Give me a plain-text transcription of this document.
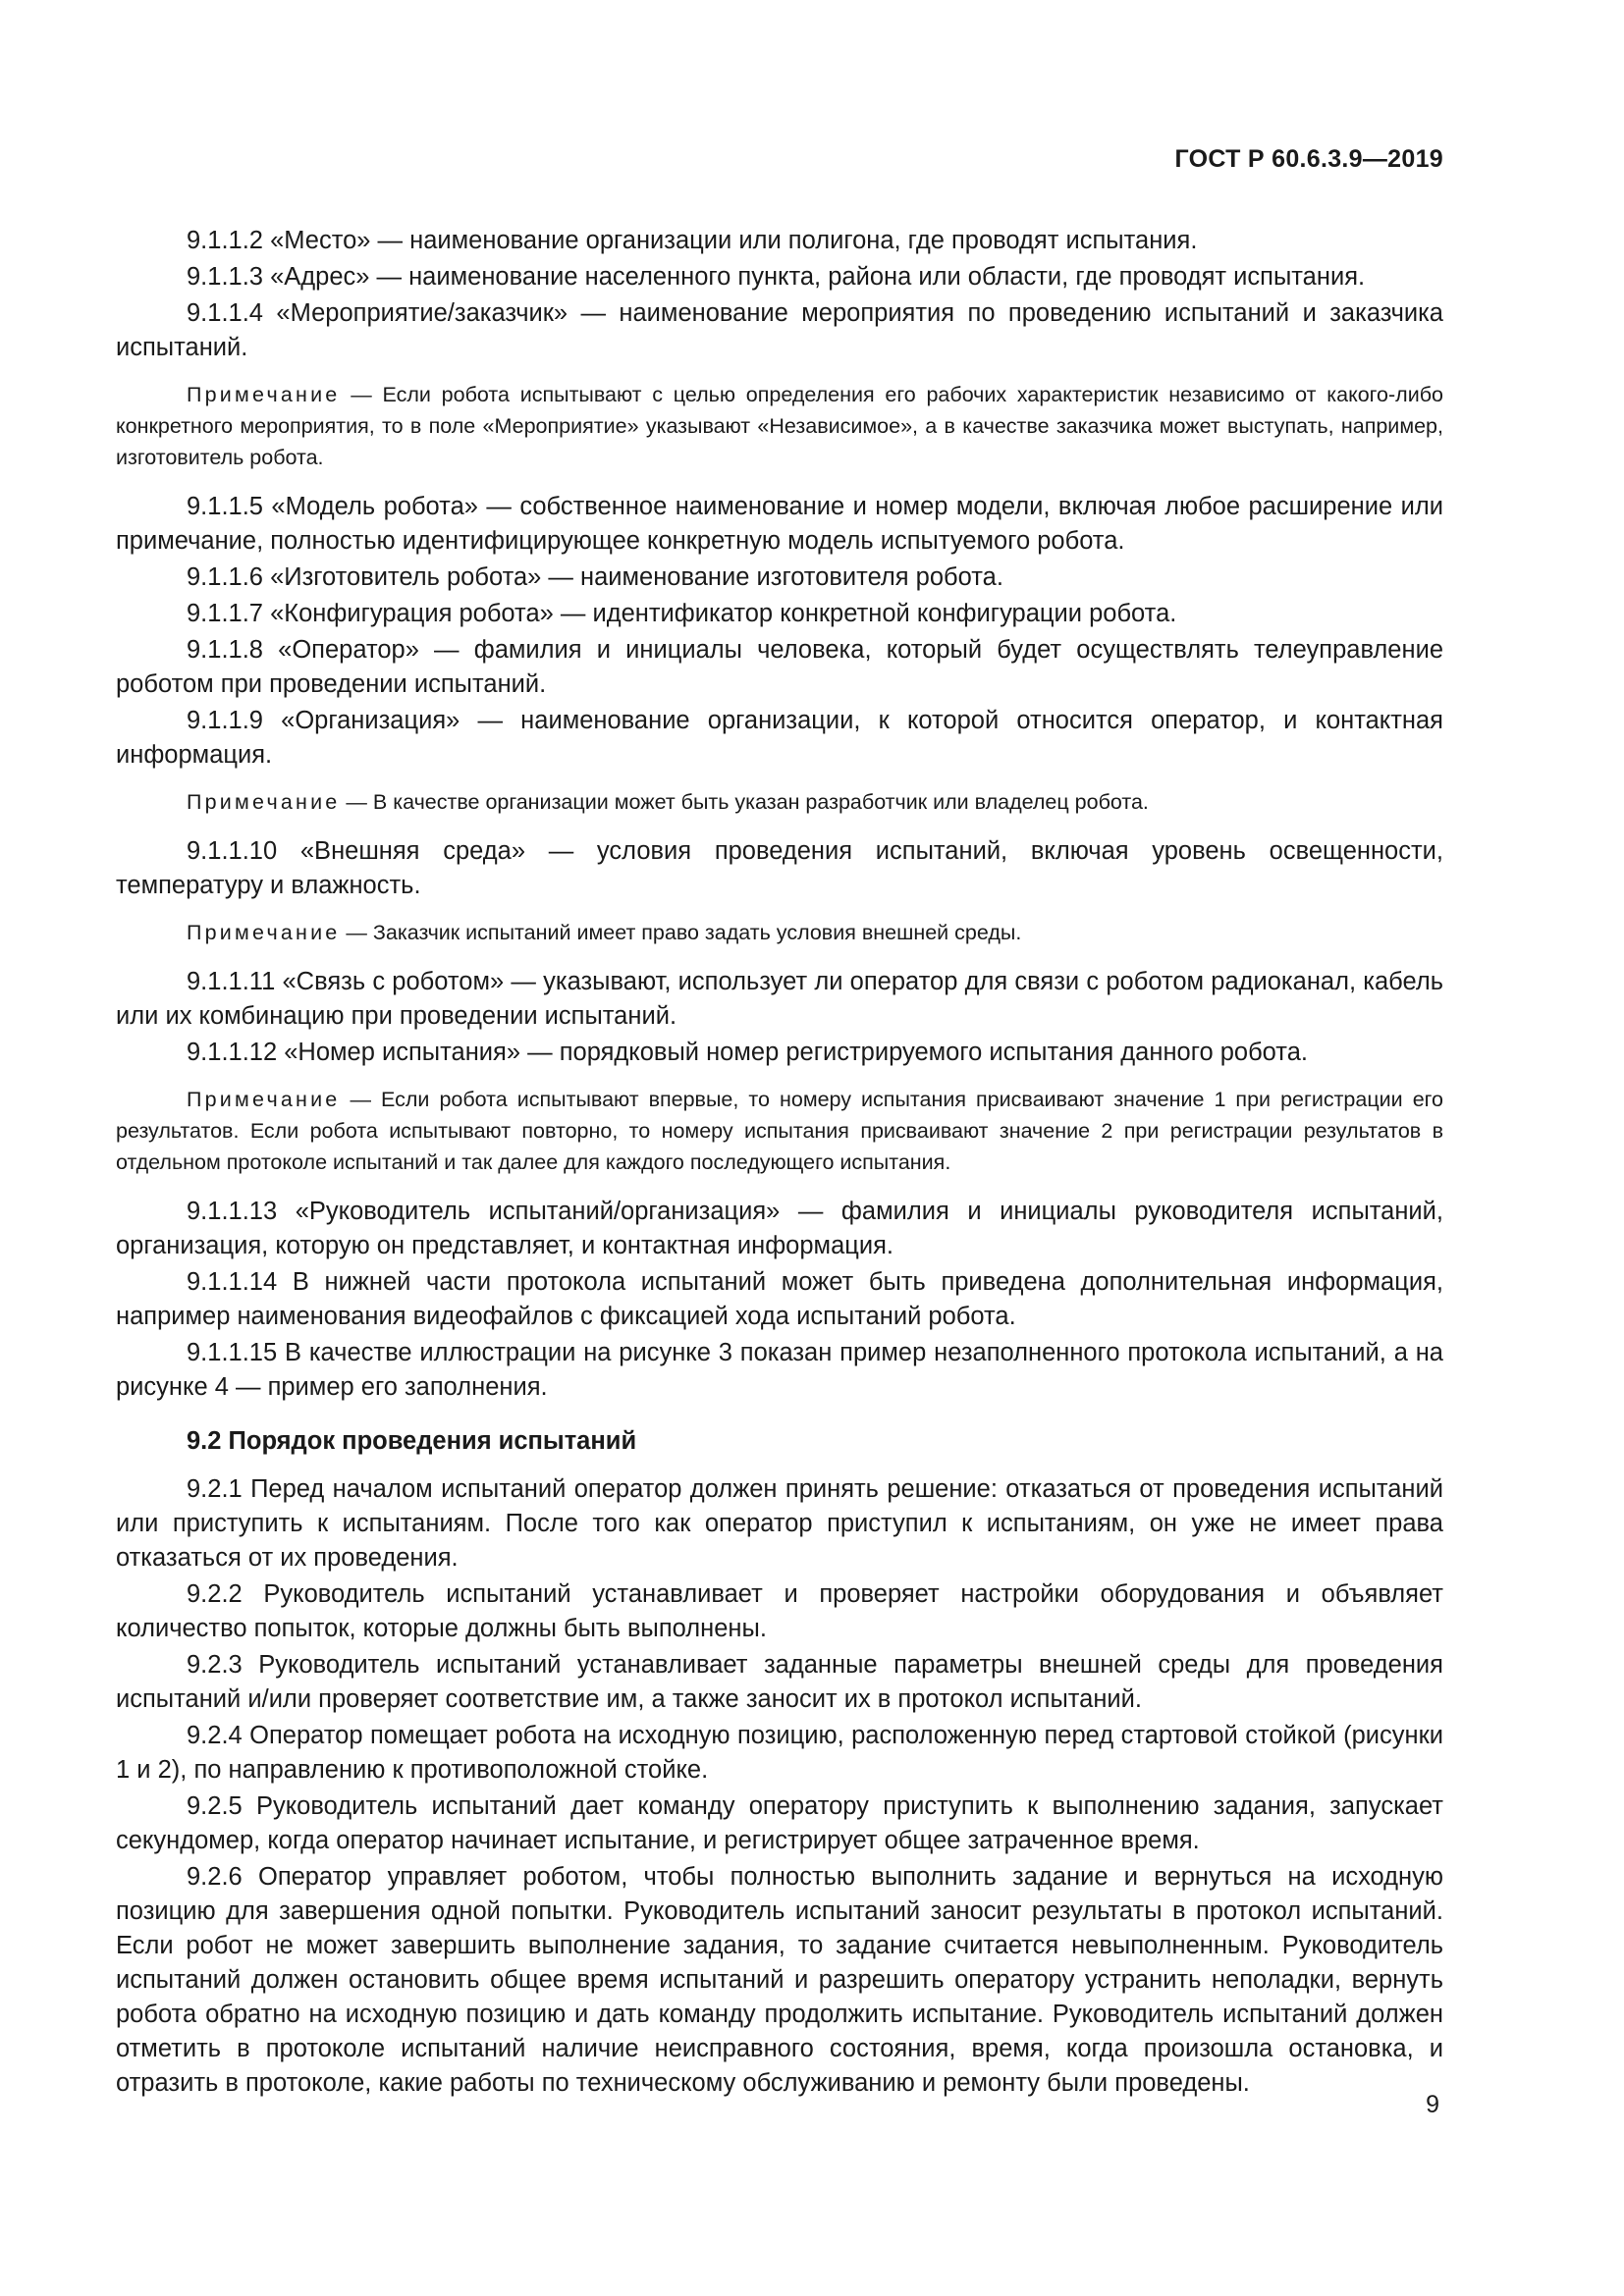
ГОСТ Р 60.6.3.9—2019

9.1.1.2 «Место» — наименование организации или полигона, где проводят испытания.

9.1.1.3 «Адрес» — наименование населенного пункта, района или области, где проводят испытания.

9.1.1.4 «Мероприятие/заказчик» — наименование мероприятия по проведению испытаний и заказчика испытаний.

Примечание — Если робота испытывают с целью определения его рабочих характеристик независимо от какого-либо конкретного мероприятия, то в поле «Мероприятие» указывают «Независимое», а в качестве заказчика может выступать, например, изготовитель робота.

9.1.1.5 «Модель робота» — собственное наименование и номер модели, включая любое расширение или примечание, полностью идентифицирующее конкретную модель испытуемого робота.

9.1.1.6 «Изготовитель робота» — наименование изготовителя робота.

9.1.1.7 «Конфигурация робота» — идентификатор конкретной конфигурации робота.

9.1.1.8 «Оператор» — фамилия и инициалы человека, который будет осуществлять телеуправление роботом при проведении испытаний.

9.1.1.9 «Организация» — наименование организации, к которой относится оператор, и контактная информация.

Примечание — В качестве организации может быть указан разработчик или владелец робота.

9.1.1.10 «Внешняя среда» — условия проведения испытаний, включая уровень освещенности, температуру и влажность.

Примечание — Заказчик испытаний имеет право задать условия внешней среды.

9.1.1.11 «Связь с роботом» — указывают, использует ли оператор для связи с роботом радиоканал, кабель или их комбинацию при проведении испытаний.

9.1.1.12 «Номер испытания» — порядковый номер регистрируемого испытания данного робота.

Примечание — Если робота испытывают впервые, то номеру испытания присваивают значение 1 при регистрации его результатов. Если робота испытывают повторно, то номеру испытания присваивают значение 2 при регистрации результатов в отдельном протоколе испытаний и так далее для каждого последующего испытания.

9.1.1.13 «Руководитель испытаний/организация» — фамилия и инициалы руководителя испытаний, организация, которую он представляет, и контактная информация.

9.1.1.14 В нижней части протокола испытаний может быть приведена дополнительная информация, например наименования видеофайлов с фиксацией хода испытаний робота.

9.1.1.15 В качестве иллюстрации на рисунке 3 показан пример незаполненного протокола испытаний, а на рисунке 4 — пример его заполнения.

9.2 Порядок проведения испытаний

9.2.1 Перед началом испытаний оператор должен принять решение: отказаться от проведения испытаний или приступить к испытаниям. После того как оператор приступил к испытаниям, он уже не имеет права отказаться от их проведения.

9.2.2 Руководитель испытаний устанавливает и проверяет настройки оборудования и объявляет количество попыток, которые должны быть выполнены.

9.2.3 Руководитель испытаний устанавливает заданные параметры внешней среды для проведения испытаний и/или проверяет соответствие им, а также заносит их в протокол испытаний.

9.2.4 Оператор помещает робота на исходную позицию, расположенную перед стартовой стойкой (рисунки 1 и 2), по направлению к противоположной стойке.

9.2.5 Руководитель испытаний дает команду оператору приступить к выполнению задания, запускает секундомер, когда оператор начинает испытание, и регистрирует общее затраченное время.

9.2.6 Оператор управляет роботом, чтобы полностью выполнить задание и вернуться на исходную позицию для завершения одной попытки. Руководитель испытаний заносит результаты в протокол испытаний. Если робот не может завершить выполнение задания, то задание считается невыполненным. Руководитель испытаний должен остановить общее время испытаний и разрешить оператору устранить неполадки, вернуть робота обратно на исходную позицию и дать команду продолжить испытание. Руководитель испытаний должен отметить в протоколе испытаний наличие неисправного состояния, время, когда произошла остановка, и отразить в протоколе, какие работы по техническому обслуживанию и ремонту были проведены.

9
